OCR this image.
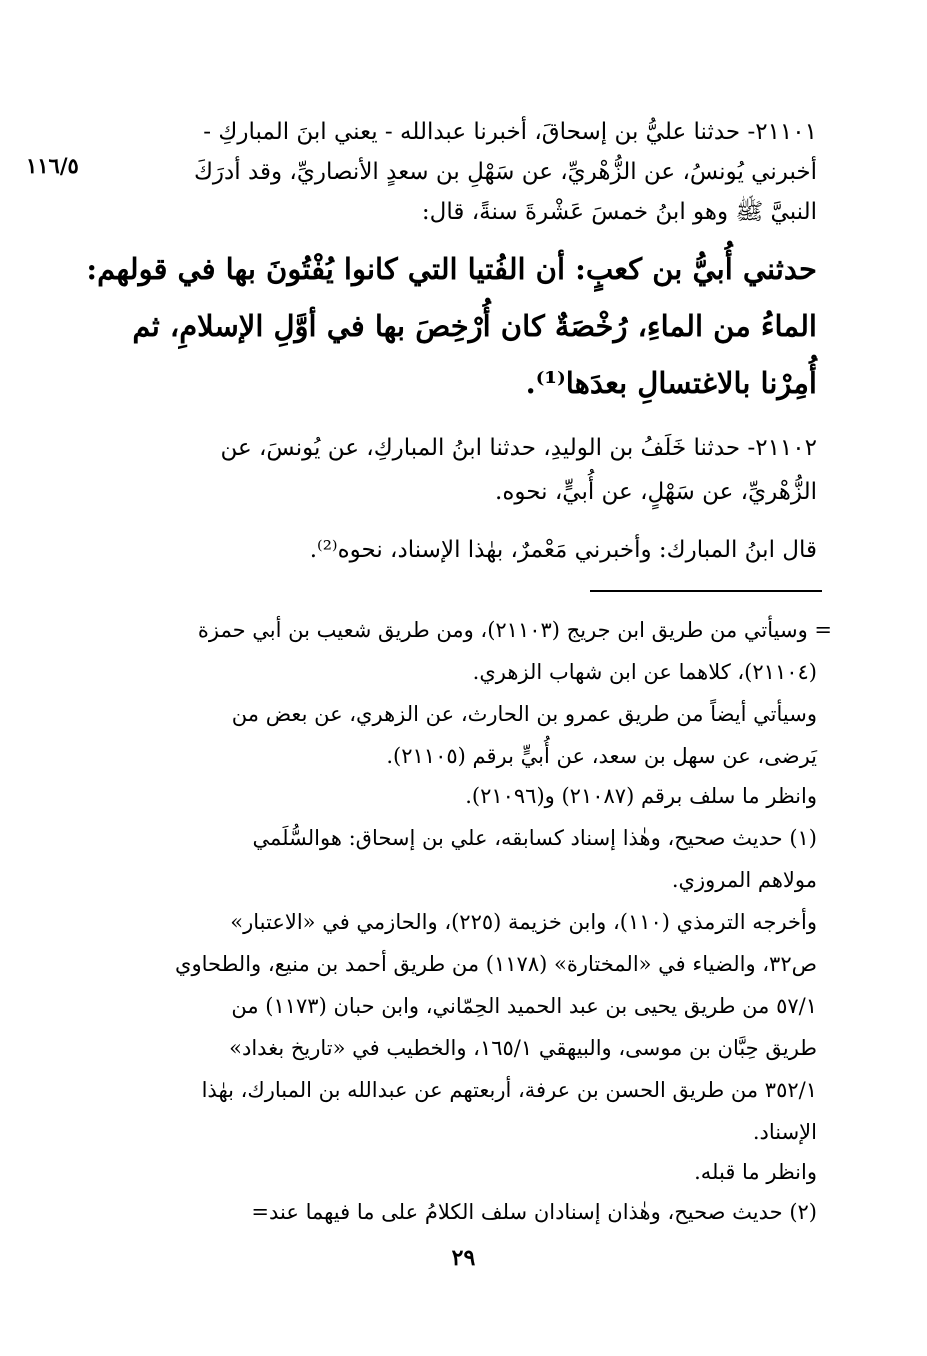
١١٦/٥
٢١١٠١- حدثنا عليُّ بن إسحاقَ، أخبرنا عبدالله - يعني ابنَ المباركِ -
أخبرني يُونسُ، عن الزُّهْريِّ، عن سَهْلِ بن سعدٍ الأنصاريِّ، وقد أدرَكَ
النبيَّ ﷺ وهو ابنُ خمسَ عَشْرةَ سنةً، قال:
حدثني أُبيُّ بن كعبٍ: أن الفُتيا التي كانوا يُفْتُونَ بها في قولهم:
الماءُ من الماءِ، رُخْصَةٌ كان أُرْخِصَ بها في أوَّلِ الإسلامِ، ثم
أُمِرْنا بالاغتسالِ بعدَها⁽¹⁾.
٢١١٠٢- حدثنا خَلَفُ بن الوليدِ، حدثنا ابنُ المباركِ، عن يُونسَ، عن
الزُّهْريِّ، عن سَهْلٍ، عن أُبيٍّ، نحوه.
قال ابنُ المبارك: وأخبرني مَعْمرٌ، بهٰذا الإسناد، نحوه⁽²⁾.
= وسيأتي من طريق ابن جريج (٢١١٠٣)، ومن طريق شعيب بن أبي حمزة
(٢١١٠٤)، كلاهما عن ابن شهاب الزهري.
وسيأتي أيضاً من طريق عمرو بن الحارث، عن الزهري، عن بعض من
يَرضى، عن سهل بن سعد، عن أُبيٍّ برقم (٢١١٠٥).
وانظر ما سلف برقم (٢١٠٨٧) و(٢١٠٩٦).
(١) حديث صحيح، وهٰذا إسناد كسابقه، علي بن إسحاق: هوالسُّلَمي
مولاهم المروزي.
وأخرجه الترمذي (١١٠)، وابن خزيمة (٢٢٥)، والحازمي في «الاعتبار»
ص٣٢، والضياء في «المختارة» (١١٧٨) من طريق أحمد بن منيع، والطحاوي
٥٧/١ من طريق يحيى بن عبد الحميد الحِمّاني، وابن حبان (١١٧٣) من
طريق حِبَّان بن موسى، والبيهقي ١٦٥/١، والخطيب في «تاريخ بغداد»
٣٥٢/١ من طريق الحسن بن عرفة، أربعتهم عن عبدالله بن المبارك، بهٰذا
الإسناد.
وانظر ما قبله.
(٢) حديث صحيح، وهٰذان إسنادان سلف الكلامُ على ما فيهما عند=
٢٩
